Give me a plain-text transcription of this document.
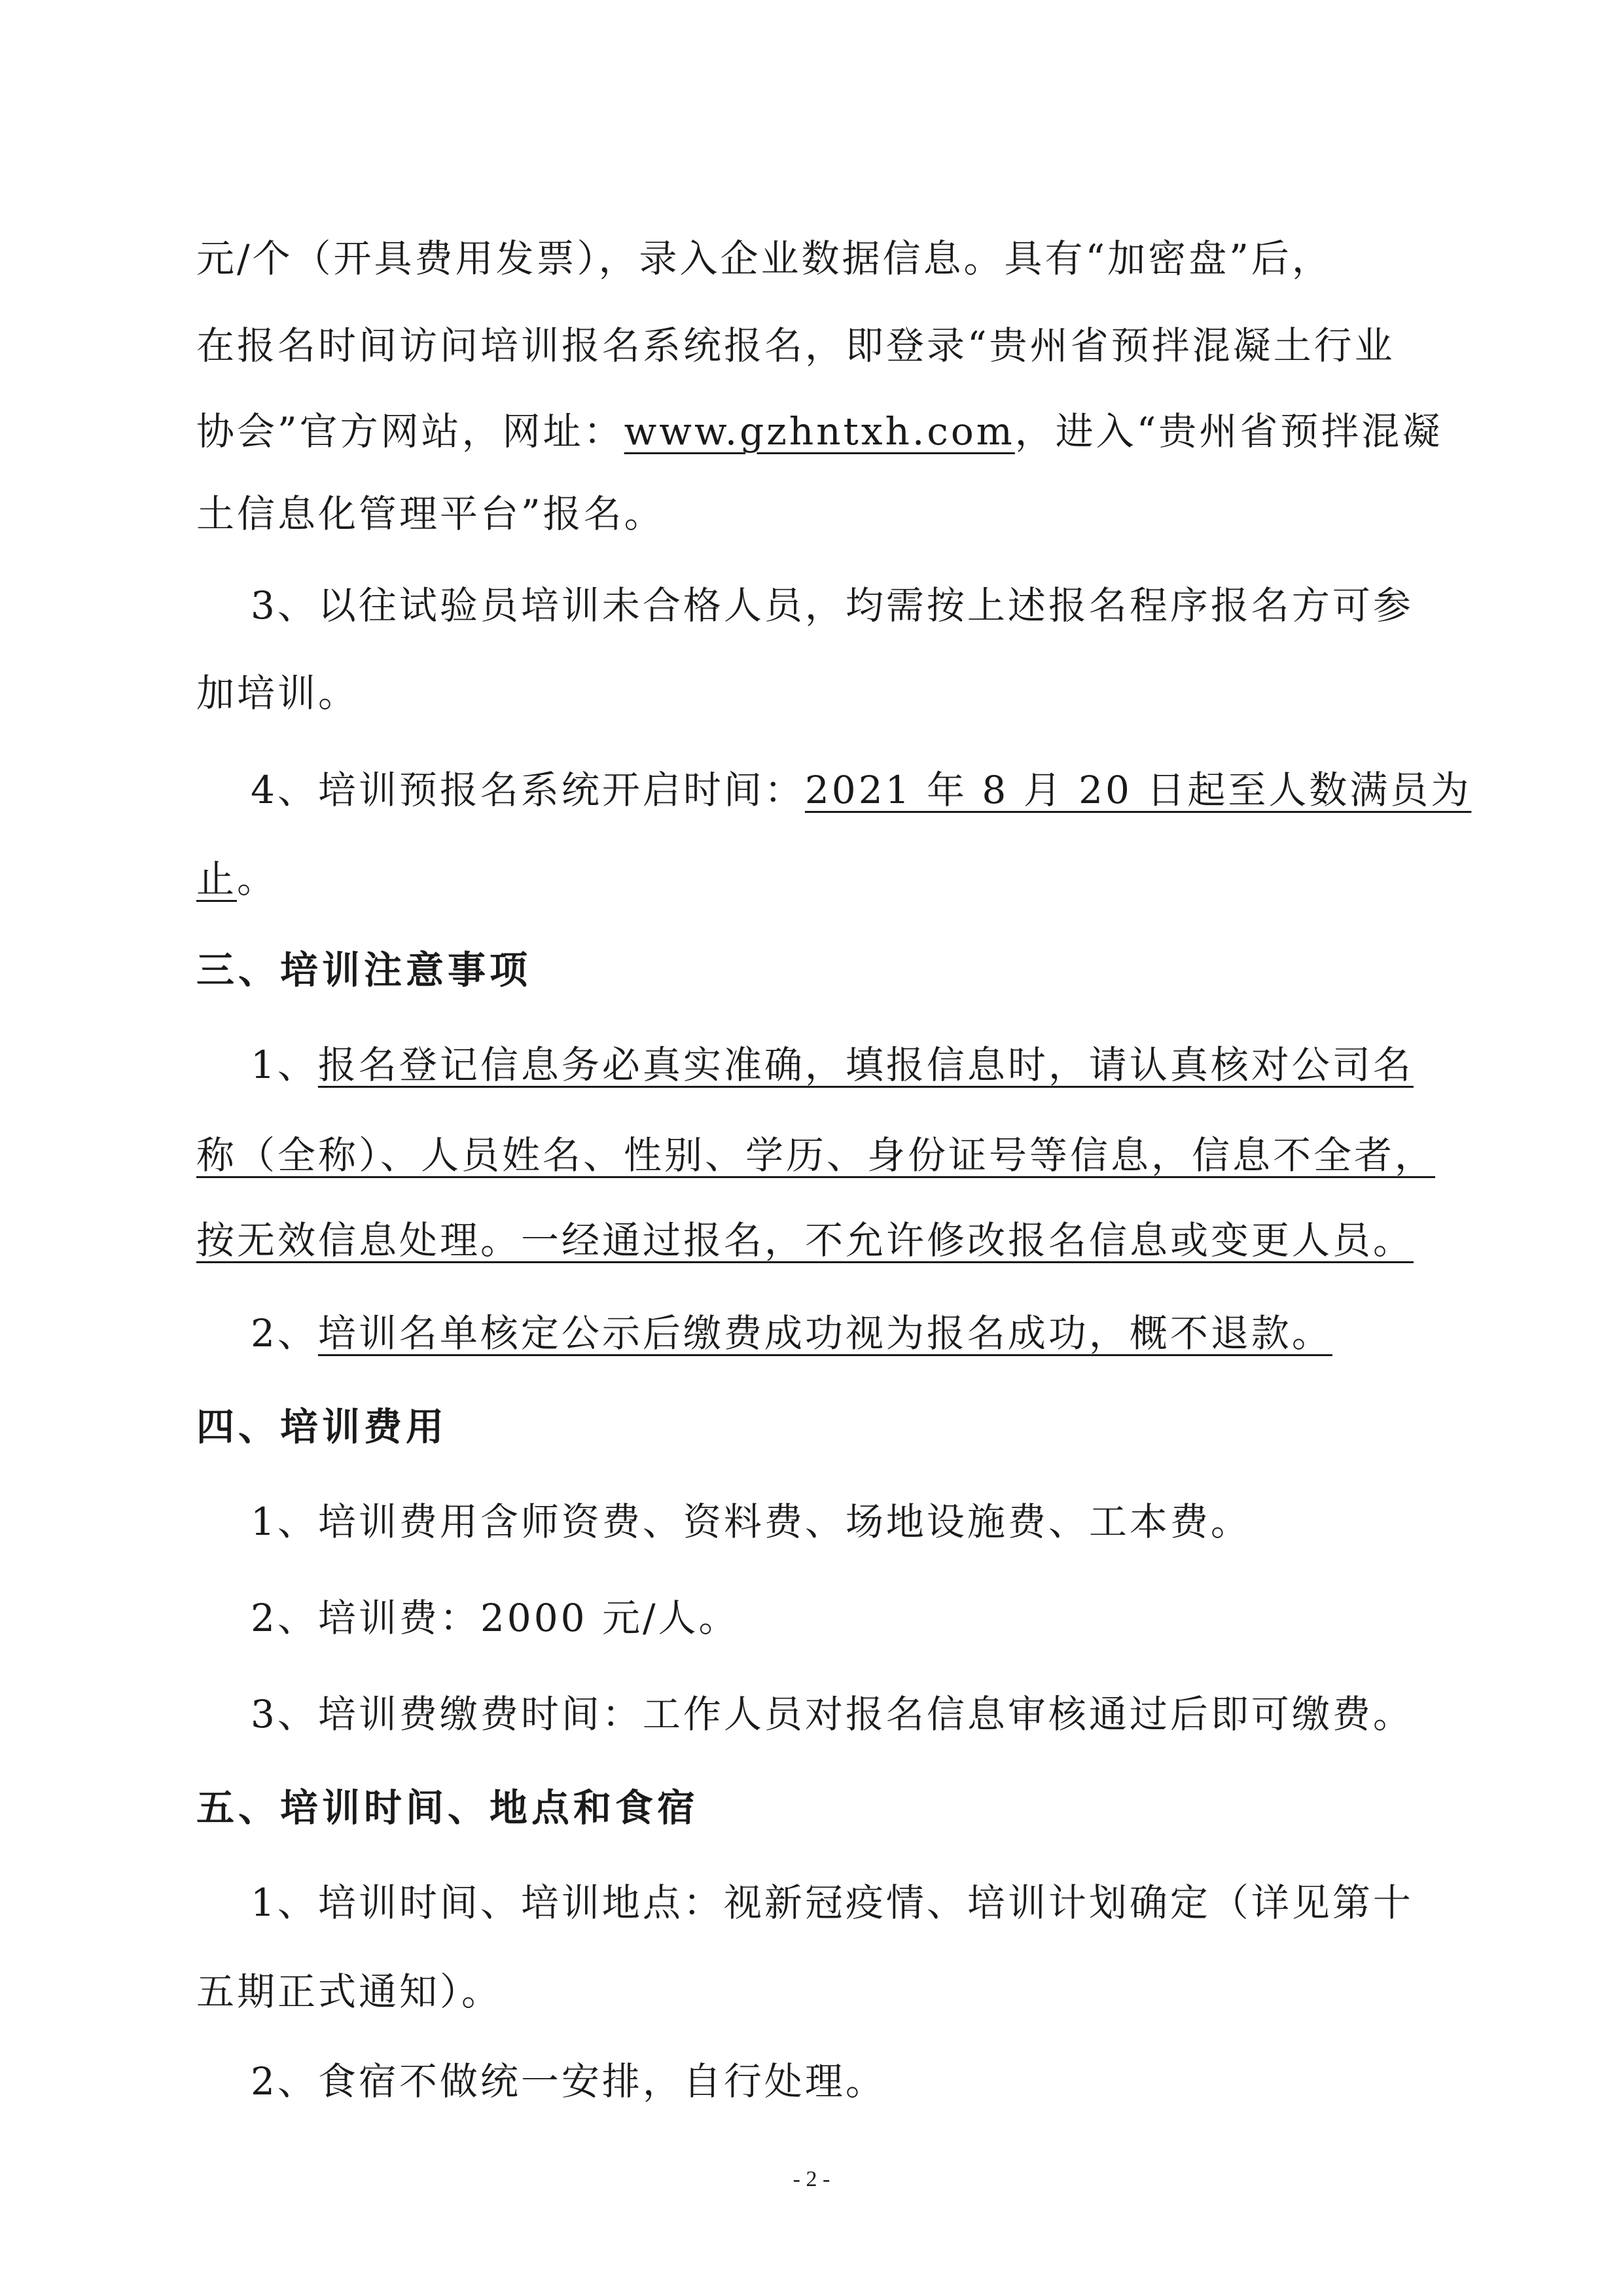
元/个（开具费用发票），录入企业数据信息。具有“加密盘”后，
在报名时间访问培训报名系统报名，即登录“贵州省预拌混凝土行业
协会”官方网站，网址：www.gzhntxh.com，进入“贵州省预拌混凝
土信息化管理平台”报名。
3、以往试验员培训未合格人员，均需按上述报名程序报名方可参
加培训。
4、培训预报名系统开启时间：2021 年 8 月 20 日起至人数满员为
止。
三、培训注意事项
1、报名登记信息务必真实准确，填报信息时，请认真核对公司名
称（全称）、人员姓名、性别、学历、身份证号等信息，信息不全者，
按无效信息处理。一经通过报名，不允许修改报名信息或变更人员。
2、培训名单核定公示后缴费成功视为报名成功，概不退款。
四、培训费用
1、培训费用含师资费、资料费、场地设施费、工本费。
2、培训费：2000 元/人。
3、培训费缴费时间：工作人员对报名信息审核通过后即可缴费。
五、培训时间、地点和食宿
1、培训时间、培训地点：视新冠疫情、培训计划确定（详见第十
五期正式通知）。
2、食宿不做统一安排，自行处理。
- 2 -
